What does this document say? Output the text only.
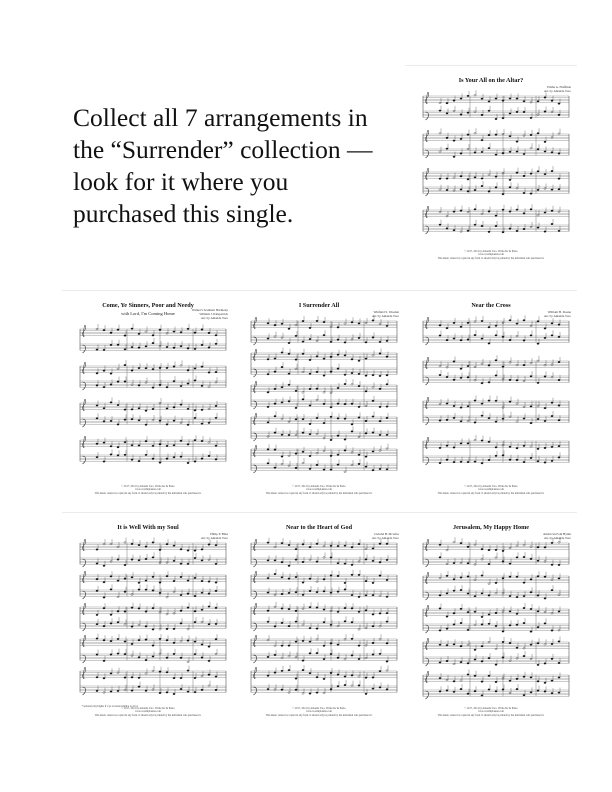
Collect all 7 arrangements in the “Surrender” collection — look for it where you purchased this single.

Is Your All on the Altar?
Elisha A. Hoffman
Arr. by Amanda Toro
© 2017, 2014 by Amanda Toro. Writte.Inc & Piano
www.worshiplanner.com
This music cannot be copied in any form. It should only be printed by the individual who purchased it.
Come, Ye Sinners, Poor and Needy
with Lord, I'm Coming Home
Walker's Southern Harmony
William J. Kirkpatrick
Arr. by Amanda Toro
© 2017, 2014 by Amanda Toro. Writte.Inc & Piano
www.worshiplanner.com
This music cannot be copied in any form. It should only be printed by the individual who purchased it.
I Surrender All
Winfield S. Weeden
Arr. by Amanda Toro
© 2017, 2014 by Amanda Toro. Writte.Inc & Piano
www.worshiplanner.com
This music cannot be copied in any form. It should only be printed by the individual who purchased it.
Near the Cross
William H. Doane
Arr. by Amanda Toro
© 2017, 2014 by Amanda Toro. Writte.Inc & Piano
www.worshiplanner.com
This music cannot be copied in any form. It should only be printed by the individual who purchased it.
It is Well With my Soul
Philip P. Bliss
Arr. by Amanda Toro
*optional play higher if 2 ps is treated similar to m.14
© 2017, 2014 by Amanda Toro. Writte.Inc & Piano
www.worshiplanner.com
This music cannot be copied in any form. It should only be printed by the individual who purchased it.
Near to the Heart of God
Cleland B. McAfee
Arr. by Amanda Toro
© 2017, 2014 by Amanda Toro. Writte.Inc & Piano
www.worshiplanner.com
This music cannot be copied in any form. It should only be printed by the individual who purchased it.
Jerusalem, My Happy Home
American Folk Hymn
Arr. by Amanda Toro
© 2017, 2014 by Amanda Toro. Writte.Inc & Piano
www.worshiplanner.com
This music cannot be copied in any form. It should only be printed by the individual who purchased it.
